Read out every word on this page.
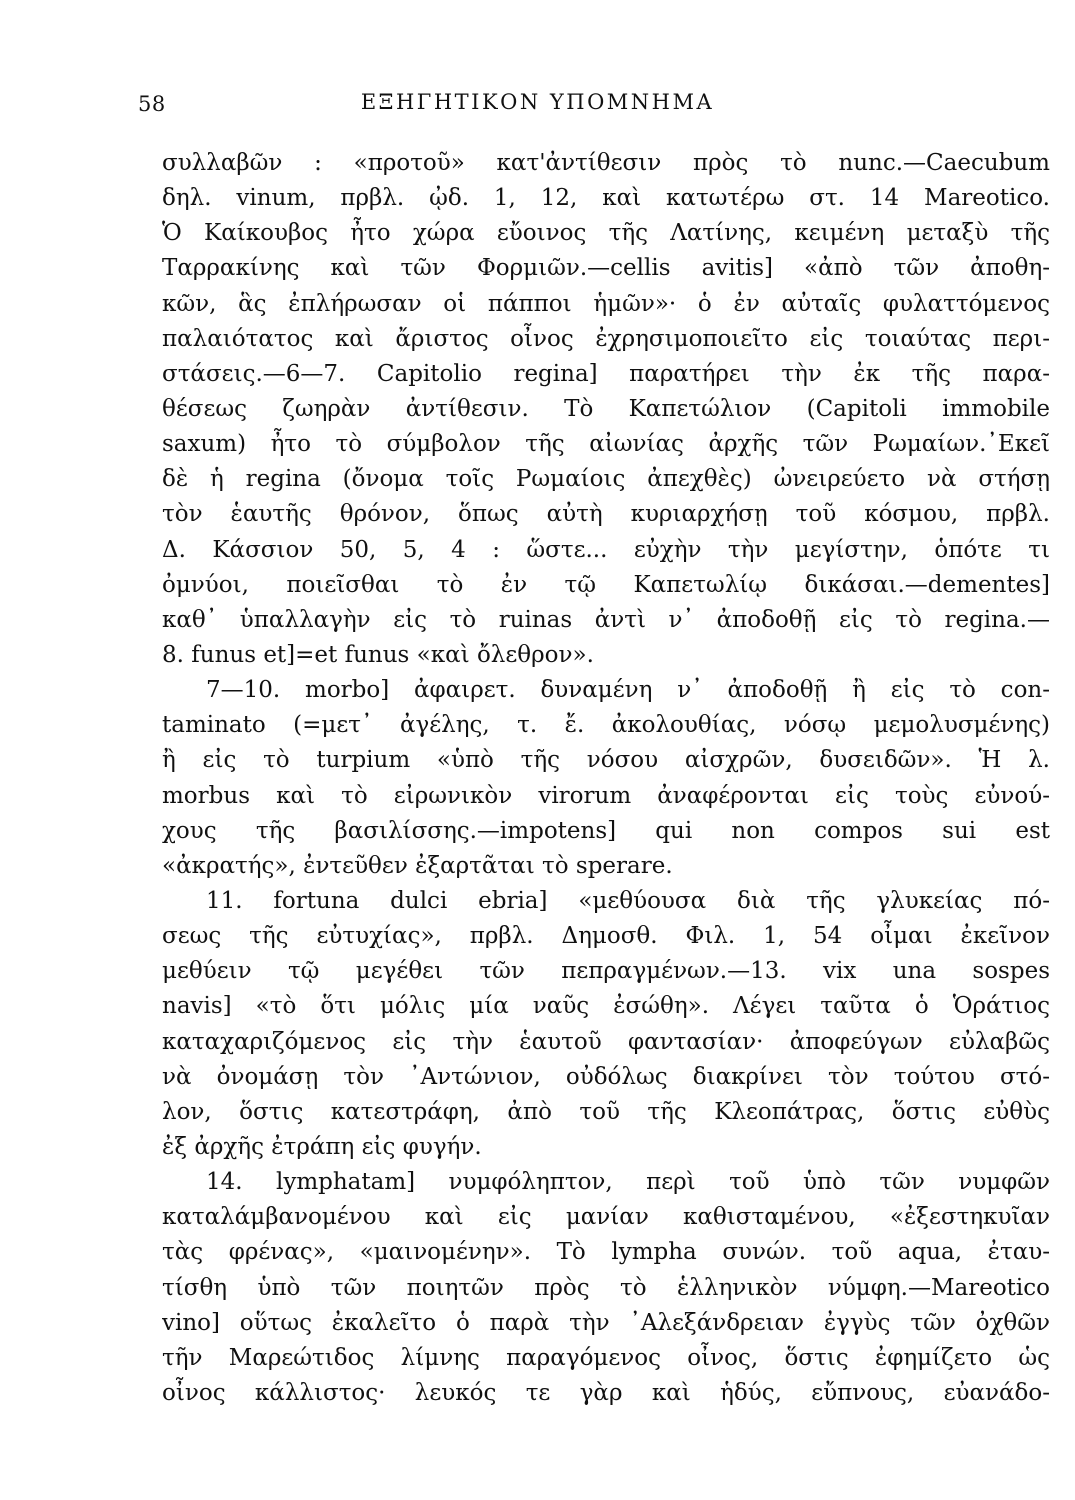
58	ΕΞΗΓΗΤΙΚΟΝ ΥΠΟΜΝΗΜΑ
συλλαβῶν : «προτοῦ» κατ'ἀντίθεσιν πρὸς τὸ nunc.—Caecubum
δηλ. vinum, πρβλ. ᾠδ. 1, 12, καὶ κατωτέρω στ. 14 Mareotico.
Ὁ Καίκουβος ἦτο χώρα εὔοινος τῆς Λατίνης, κειμένη μεταξὺ τῆς
Ταρρακίνης καὶ τῶν Φορμιῶν.—cellis avitis] «ἀπὸ τῶν ἀποθη-
κῶν, ἃς ἐπλήρωσαν οἱ πάπποι ἡμῶν»· ὁ ἐν αὐταῖς φυλαττόμενος
παλαιότατος καὶ ἄριστος οἶνος ἐχρησιμοποιεῖτο εἰς τοιαύτας περι-
στάσεις.—6—7. Capitolio regina] παρατήρει τὴν ἐκ τῆς παρα-
θέσεως ζωηρὰν ἀντίθεσιν. Τὸ Καπετώλιον (Capitoli immobile
saxum) ἦτο τὸ σύμβολον τῆς αἰωνίας ἀρχῆς τῶν Ρωμαίων.᾿Εκεῖ
δὲ ἡ regina (ὄνομα τοῖς Ρωμαίοις ἀπεχθὲς) ὠνειρεύετο νὰ στήσῃ
τὸν ἑαυτῆς θρόνον, ὅπως αὐτὴ κυριαρχήσῃ τοῦ κόσμου, πρβλ.
Δ. Κάσσιον 50, 5, 4 : ὥστε... εὐχὴν τὴν μεγίστην, ὁπότε τι
ὀμνύοι, ποιεῖσθαι τὸ ἐν τῷ Καπετωλίῳ δικάσαι.—dementes]
καθ᾿ ὑπαλλαγὴν εἰς τὸ ruinas ἀντὶ ν᾿ ἀποδοθῇ εἰς τὸ regina.—
8. funus et]=et funus «καὶ ὄλεθρον».
7—10. morbo] ἀφαιρετ. δυναμένη ν᾿ ἀποδοθῇ ἢ εἰς τὸ con-
taminato (=μετ᾿ ἀγέλης, τ. ἔ. ἀκολουθίας, νόσῳ μεμολυσμένης)
ἢ εἰς τὸ turpium «ὑπὸ τῆς νόσου αἰσχρῶν, δυσειδῶν». Ἡ λ.
morbus καὶ τὸ εἰρωνικὸν virorum ἀναφέρονται εἰς τοὺς εὐνού-
χους τῆς βασιλίσσης.—impotens] qui non compos sui est
«ἀκρατής», ἐντεῦθεν ἐξαρτᾶται τὸ sperare.
11. fortuna dulci ebria] «μεθύουσα διὰ τῆς γλυκείας πό-
σεως τῆς εὐτυχίας», πρβλ. Δημοσθ. Φιλ. 1, 54 οἶμαι ἐκεῖνον
μεθύειν τῷ μεγέθει τῶν πεπραγμένων.—13. vix una sospes
navis] «τὸ ὅτι μόλις μία ναῦς ἐσώθη». Λέγει ταῦτα ὁ Ὁράτιος
καταχαριζόμενος εἰς τὴν ἑαυτοῦ φαντασίαν· ἀποφεύγων εὐλαβῶς
νὰ ὀνομάσῃ τὸν ᾿Αντώνιον, οὐδόλως διακρίνει τὸν τούτου στό-
λον, ὅστις κατεστράφη, ἀπὸ τοῦ τῆς Κλεοπάτρας, ὅστις εὐθὺς
ἐξ ἀρχῆς ἐτράπη εἰς φυγήν.
14. lymphatam] νυμφόληπτον, περὶ τοῦ ὑπὸ τῶν νυμφῶν
καταλάμβανομένου καὶ εἰς μανίαν καθισταμένου, «ἐξεστηκυῖαν
τὰς φρένας», «μαινομένην». Τὸ lympha συνών. τοῦ aqua, ἐταυ-
τίσθη ὑπὸ τῶν ποιητῶν πρὸς τὸ ἑλληνικὸν νύμφη.—Mareotico
vino] οὕτως ἐκαλεῖτο ὁ παρὰ τὴν ᾿Αλεξάνδρειαν ἐγγὺς τῶν ὀχθῶν
τῆν Μαρεώτιδος λίμνης παραγόμενος οἶνος, ὅστις ἐφημίζετο ὡς
οἶνος κάλλιστος· λευκός τε γὰρ καὶ ἡδύς, εὔπνους, εὐανάδο-
